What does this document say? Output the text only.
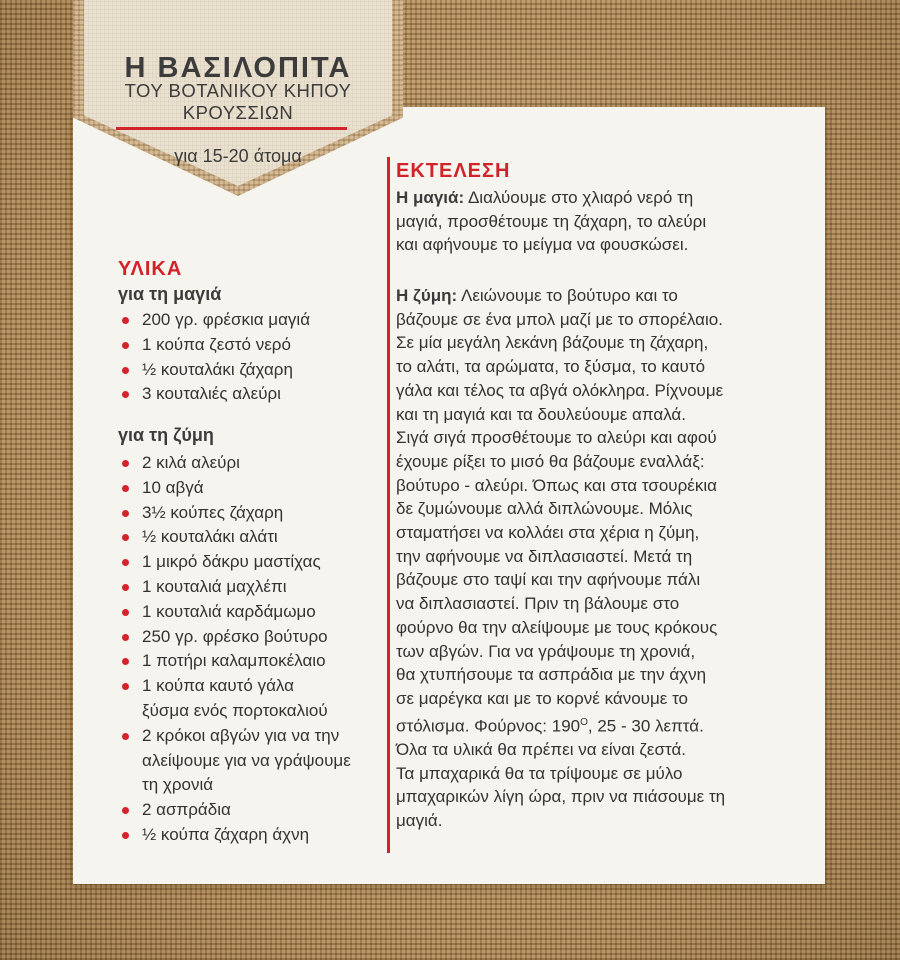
Η ΒΑΣΙΛΟΠΙΤΑ
ΤΟΥ ΒΟΤΑΝΙΚΟΥ ΚΗΠΟΥ
ΚΡΟΥΣΣΙΩΝ
για 15-20 άτομα
ΥΛΙΚΑ
για τη μαγιά
200 γρ. φρέσκια μαγιά
1 κούπα ζεστό νερό
½ κουταλάκι ζάχαρη
3 κουταλιές αλεύρι
για τη ζύμη
2 κιλά αλεύρι
10 αβγά
3½ κούπες ζάχαρη
½ κουταλάκι αλάτι
1 μικρό δάκρυ μαστίχας
1 κουταλιά μαχλέπι
1 κουταλιά καρδάμωμο
250 γρ. φρέσκο βούτυρο
1 ποτήρι καλαμποκέλαιο
1 κούπα καυτό γάλα
ξύσμα ενός πορτοκαλιού
2 κρόκοι αβγών για να την
αλείψουμε για να γράψουμε
τη χρονιά
2 ασπράδια
½ κούπα ζάχαρη άχνη
ΕΚΤΕΛΕΣΗ

Η μαγιά: Διαλύουμε στο χλιαρό νερό τη
μαγιά, προσθέτουμε τη ζάχαρη, το αλεύρι
και αφήνουμε το μείγμα να φουσκώσει.

Η ζύμη: Λειώνουμε το βούτυρο και το
βάζουμε σε ένα μπολ μαζί με το σπορέλαιο.
Σε μία μεγάλη λεκάνη βάζουμε τη ζάχαρη,
το αλάτι, τα αρώματα, το ξύσμα, το καυτό
γάλα και τέλος τα αβγά ολόκληρα. Ρίχνουμε
και τη μαγιά και τα δουλεύουμε απαλά.
Σιγά σιγά προσθέτουμε το αλεύρι και αφού
έχουμε ρίξει το μισό θα βάζουμε εναλλάξ:
βούτυρο - αλεύρι. Όπως και στα τσουρέκια
δε ζυμώνουμε αλλά διπλώνουμε. Μόλις
σταματήσει να κολλάει στα χέρια η ζύμη,
την αφήνουμε να διπλασιαστεί. Μετά τη
βάζουμε στο ταψί και την αφήνουμε πάλι
να διπλασιαστεί. Πριν τη βάλουμε στο
φούρνο θα την αλείψουμε με τους κρόκους
των αβγών. Για να γράψουμε τη χρονιά,
θα χτυπήσουμε τα ασπράδια με την άχνη
σε μαρέγκα και με το κορνέ κάνουμε το
στόλισμα. Φούρνος: $190^O$, 25 - 30 λεπτά.

Όλα τα υλικά θα πρέπει να είναι ζεστά.
Τα μπαχαρικά θα τα τρίψουμε σε μύλο
μπαχαρικών λίγη ώρα, πριν να πιάσουμε τη
μαγιά.
